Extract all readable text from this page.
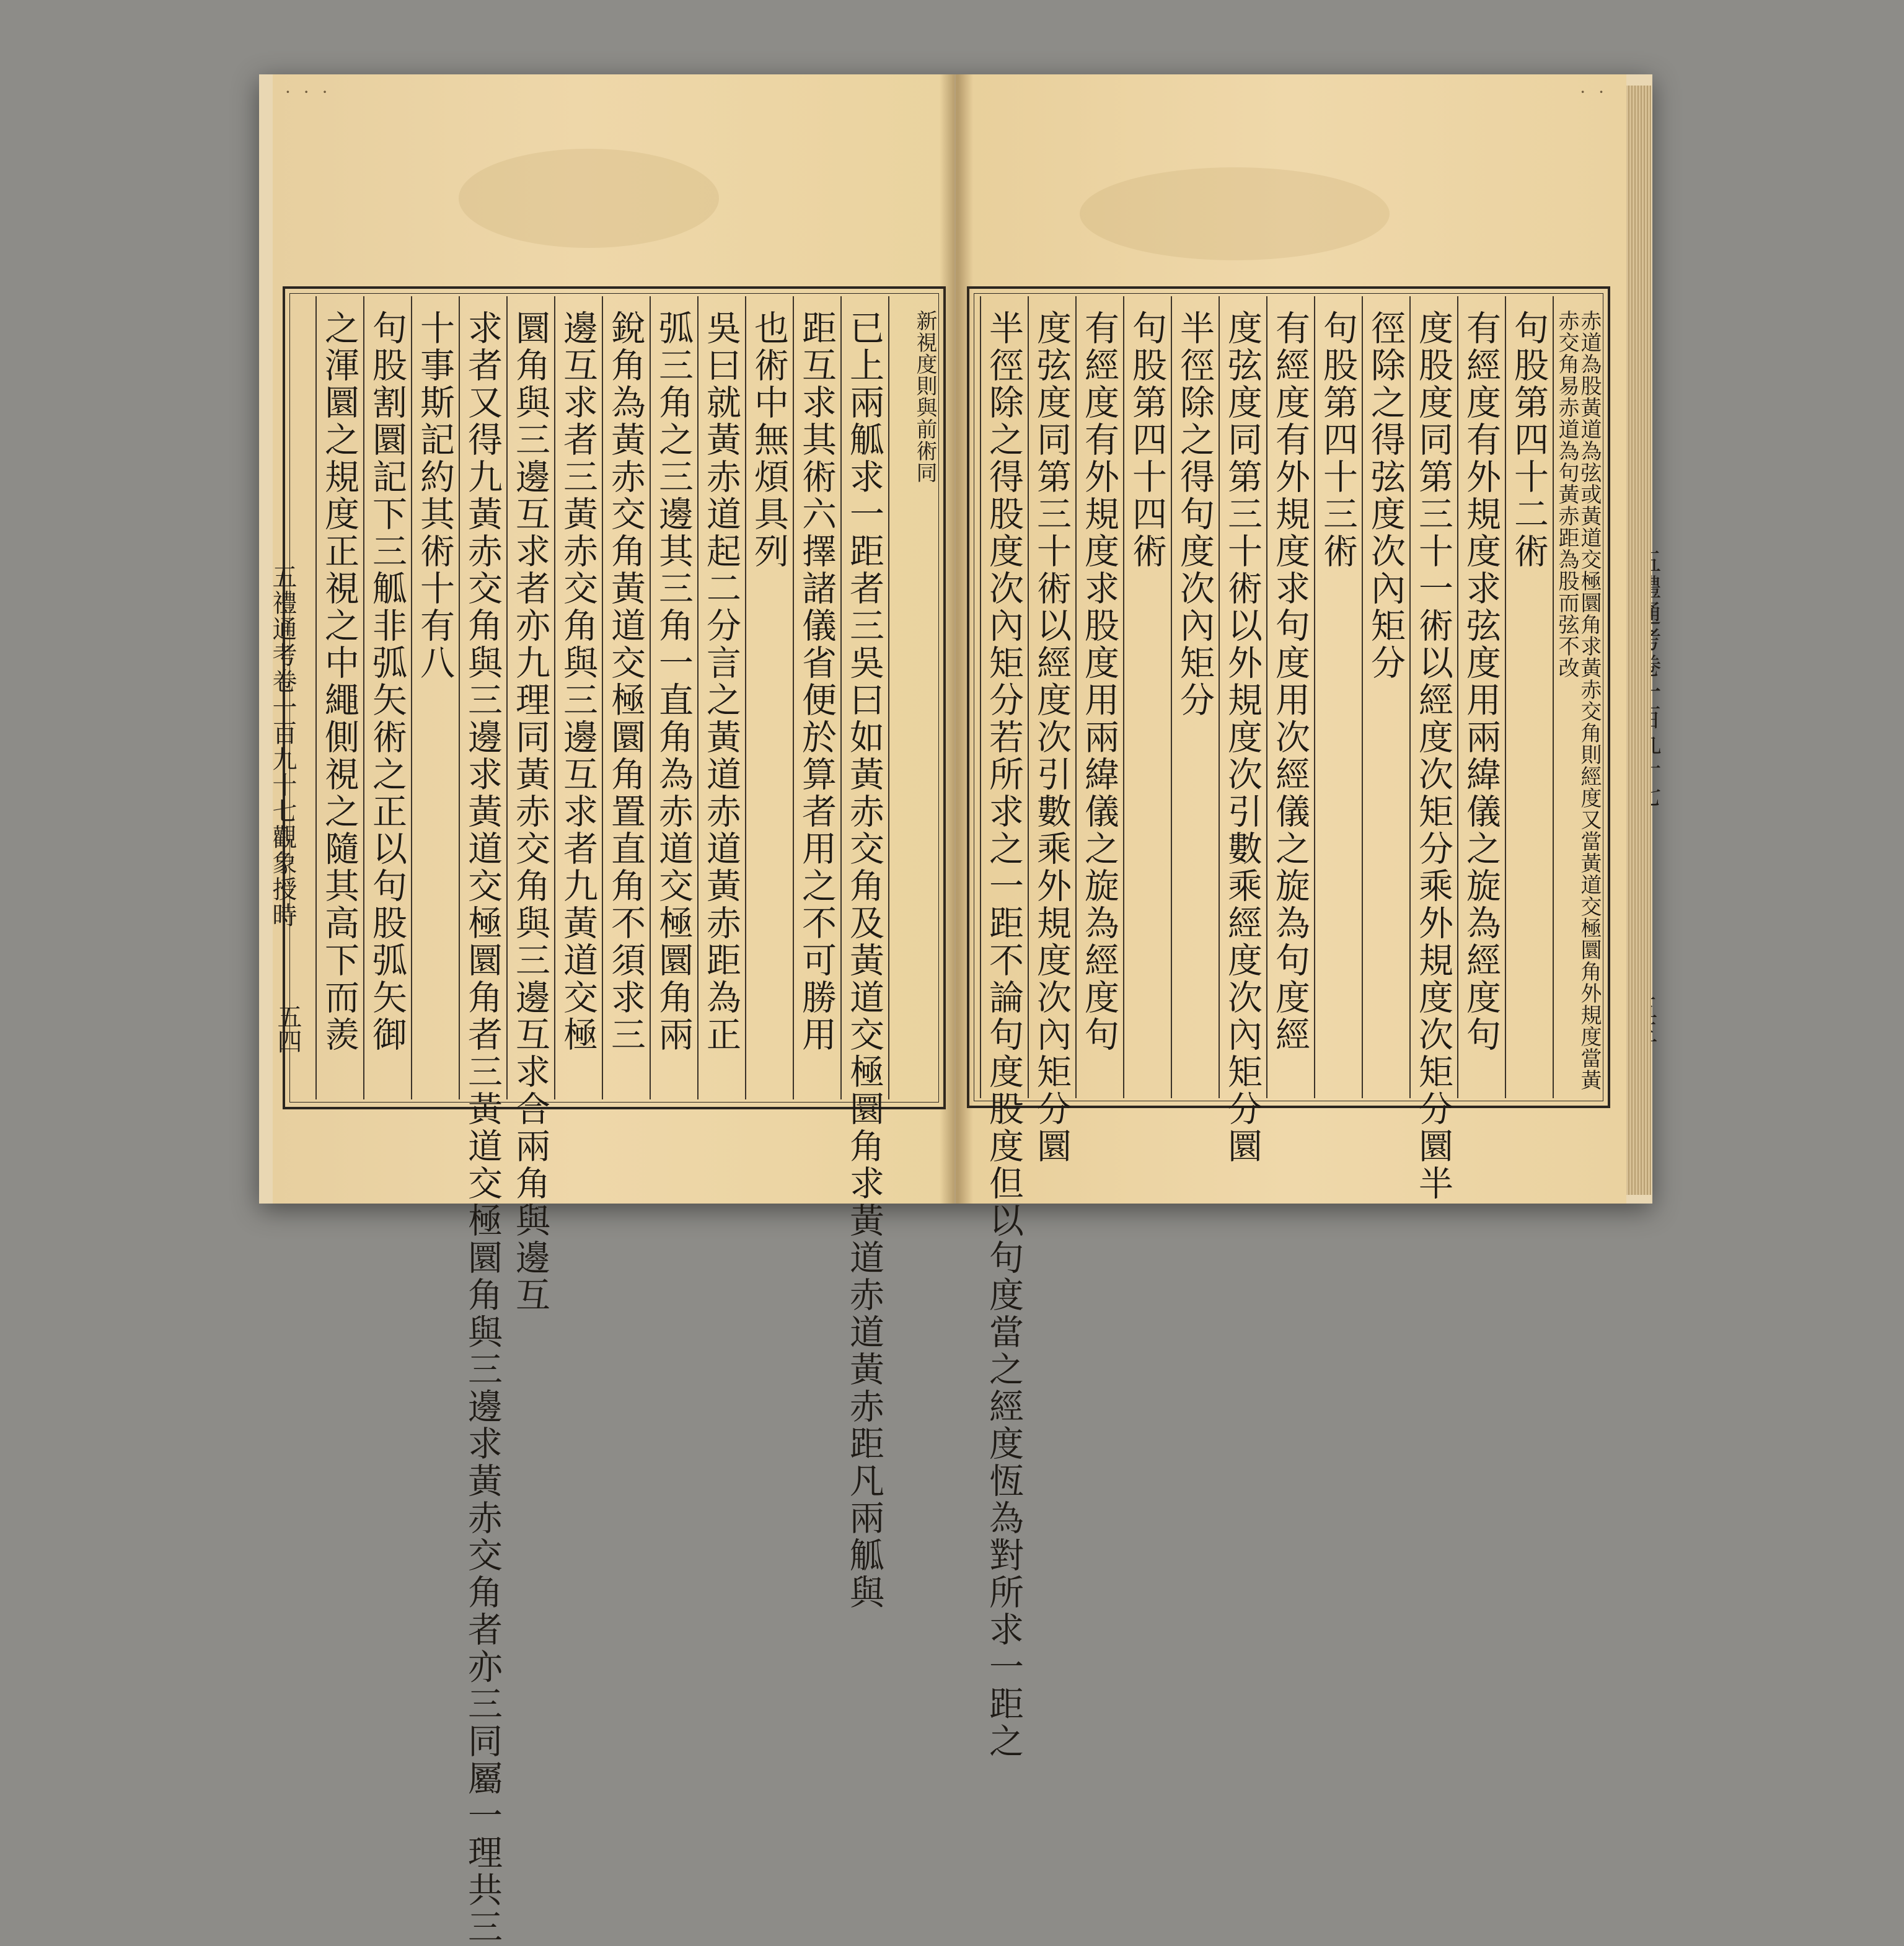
· · ·
新視度則與前術同
已上兩觚求一距者三吳曰如黃赤交角及黃道交極圜角求黃道赤道黃赤距凡兩觚與
距互求其術六擇諸儀省便於算者用之不可勝用
也術中無煩具列
吳曰就黃赤道起二分言之黃道赤道黃赤距為正
弧三角之三邊其三角一直角為赤道交極圜角兩
銳角為黃赤交角黃道交極圜角置直角不須求三
邊互求者三黃赤交角與三邊互求者九黃道交極
圜角與三邊互求者亦九理同黃赤交角與三邊互求合兩角與邊互
求者又得九黃赤交角與三邊求黃道交極圜角者三黃道交極圜角與三邊求黃赤交角者亦三同屬一理共三
十事斯記約其術十有八
句股割圜記下三觚非弧矢術之正以句股弧矢御
之渾圜之規度正視之中繩側視之隨其高下而羨
五禮通考卷一百九十七觀象授時
五四
· ·
赤道為股黃道為弦或黃道交極圜角求黃赤交角則經度又當黃道交極圜角外規度當黃赤交角易赤道為句黃赤距為股而弦不改
句股第四十二術
有經度有外規度求弦度用兩緯儀之旋為經度句
度股度同第三十一術以經度次矩分乘外規度次矩分圜半
徑除之得弦度次內矩分
句股第四十三術
有經度有外規度求句度用次經儀之旋為句度經
度弦度同第三十術以外規度次引數乘經度次內矩分圜
半徑除之得句度次內矩分
句股第四十四術
有經度有外規度求股度用兩緯儀之旋為經度句
度弦度同第三十術以經度次引數乘外規度次內矩分圜
半徑除之得股度次內矩分若所求之一距不論句度股度但以句度當之經度恆為對所求一距之
